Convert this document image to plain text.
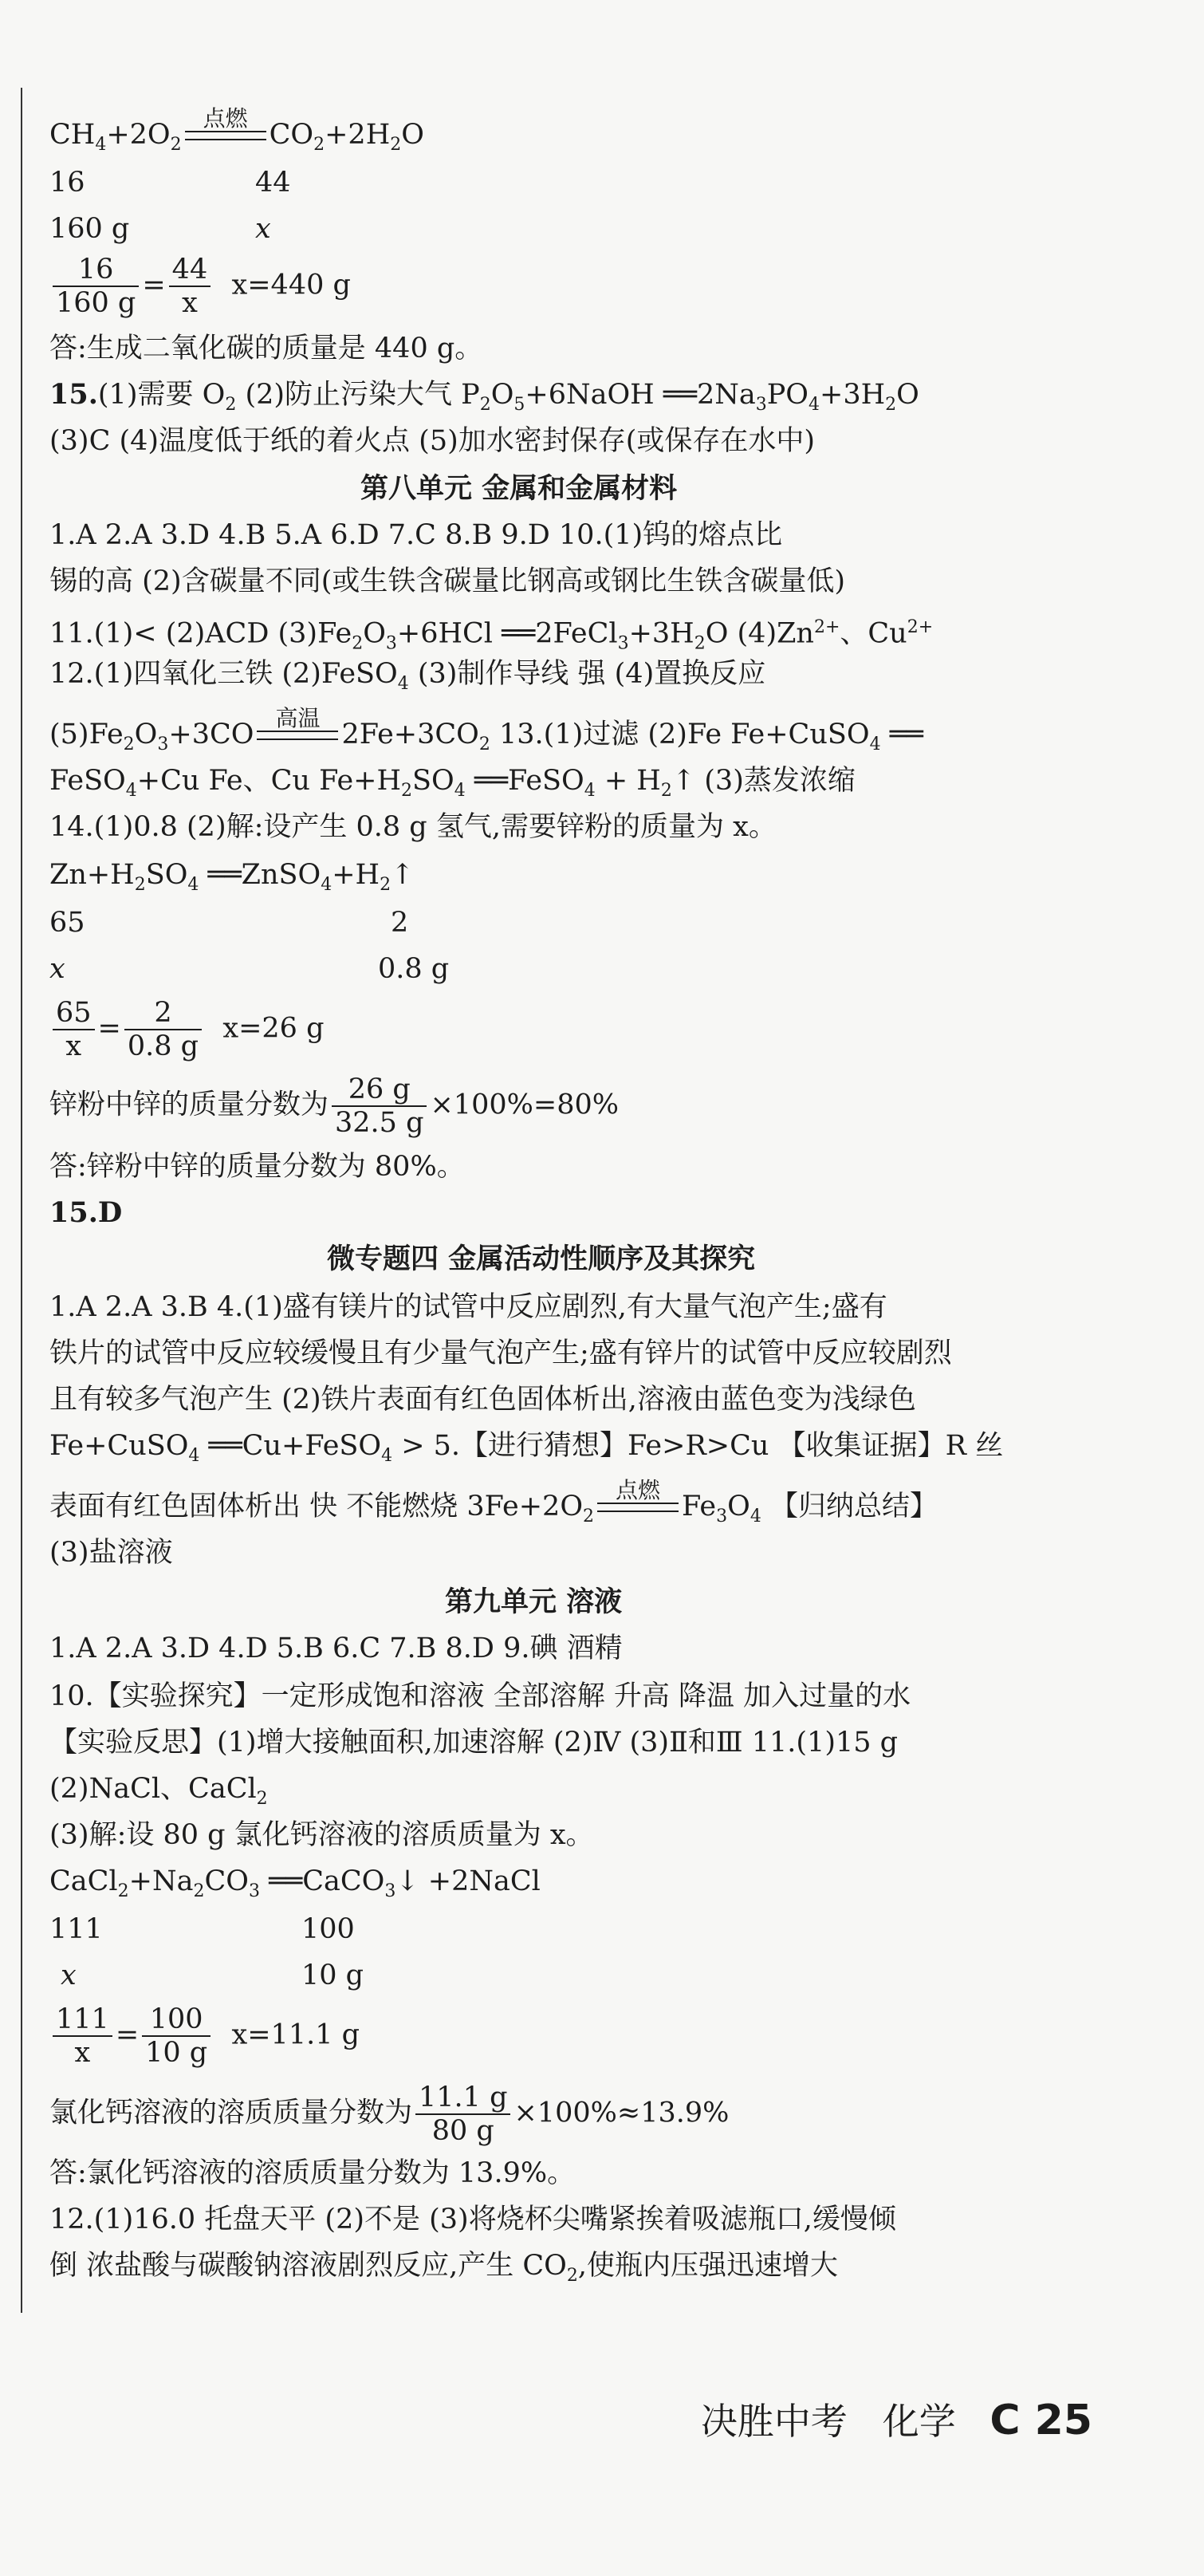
$CH_4+2O_2$
点燃
$CO_2+2H_2O$
16	44
160 g	x
$\frac{16}{160 g} = \frac{44}{x} x=440$ g
答:生成二氧化碳的质量是 440 g。
15.(1)需要 $O_2$ (2)防止污染大气 $P_2O_5+6NaOH$ $══2Na_3PO_4+3H_2O$
(3)C (4)温度低于纸的着火点 (5)加水密封保存(或保存在水中)
第八单元 金属和金属材料
1.A 2.A 3.D 4.B 5.A 6.D 7.C 8.B 9.D 10.(1)钨的熔点比
锡的高 (2)含碳量不同(或生铁含碳量比钢高或钢比生铁含碳量低)
11.(1)< (2)ACD $(3)Fe_2O_3+6HCl$ $══2FeCl_3+3H_2O$ $(4)Zn^{2+}$、$Cu^{2+}$
12.(1)四氧化三铁 (2)FeSO$_4$ (3)制作导线 强 (4)置换反应
$(5)Fe_2O_3+3CO$
高温
$2Fe+3CO_2$ 13.(1)过滤 (2)Fe Fe+CuSO$_4$ ══
FeSO$_4$+Cu Fe、Cu $Fe+H_2SO_4$ ══FeSO$_4$ + $H_2↑$ (3)蒸发浓缩
14.(1)0.8 (2)解:设产生 0.8 g 氢气,需要锌粉的质量为 x。
$Zn+H_2SO_4$ $══ZnSO_4+H_2↑$
65	2
x	0.8 g
$\frac{65}{x} = \frac{2}{0.8 g} x=26$ g
锌粉中锌的质量分数为 $\frac{26 g}{32.5 g} \times 100\%=80\%$
答:锌粉中锌的质量分数为 80%。
15.D
微专题四 金属活动性顺序及其探究
1.A 2.A 3.B 4.(1)盛有镁片的试管中反应剧烈,有大量气泡产生;盛有
铁片的试管中反应较缓慢且有少量气泡产生;盛有锌片的试管中反应较剧烈
且有较多气泡产生 (2)铁片表面有红色固体析出,溶液由蓝色变为浅绿色
Fe+CuSO$_4$ ══Cu+FeSO$_4$ > 5.【进行猜想】Fe>R>Cu 【收集证据】R 丝
表面有红色固体析出 快 不能燃烧 $3Fe+2O_2$
点燃
$Fe_3O_4$ 【归纳总结】
(3)盐溶液
第九单元 溶液
1.A 2.A 3.D 4.D 5.B 6.C 7.B 8.D 9.碘 酒精
10.【实验探究】一定形成饱和溶液 全部溶解 升高 降温 加入过量的水
【实验反思】(1)增大接触面积,加速溶解 (2)Ⅳ (3)Ⅱ和Ⅲ 11.(1)15 g
(2)NaCl、CaCl$_2$
(3)解:设 80 g 氯化钙溶液的溶质质量为 x。
$CaCl_2+Na_2CO_3$ ══CaCO$_3$↓ +2NaCl
111	100
x	10 g
$\frac{111}{x} = \frac{100}{10 g} x=11.1$ g
氯化钙溶液的溶质质量分数为 $\frac{11.1 g}{80 g} \times 100\%\approx 13.9\%$
答:氯化钙溶液的溶质质量分数为 13.9%。
12.(1)16.0 托盘天平 (2)不是 (3)将烧杯尖嘴紧挨着吸滤瓶口,缓慢倾
倒 浓盐酸与碳酸钠溶液剧烈反应,产生 $CO_2$,使瓶内压强迅速增大
决胜中考 化学 C 25
